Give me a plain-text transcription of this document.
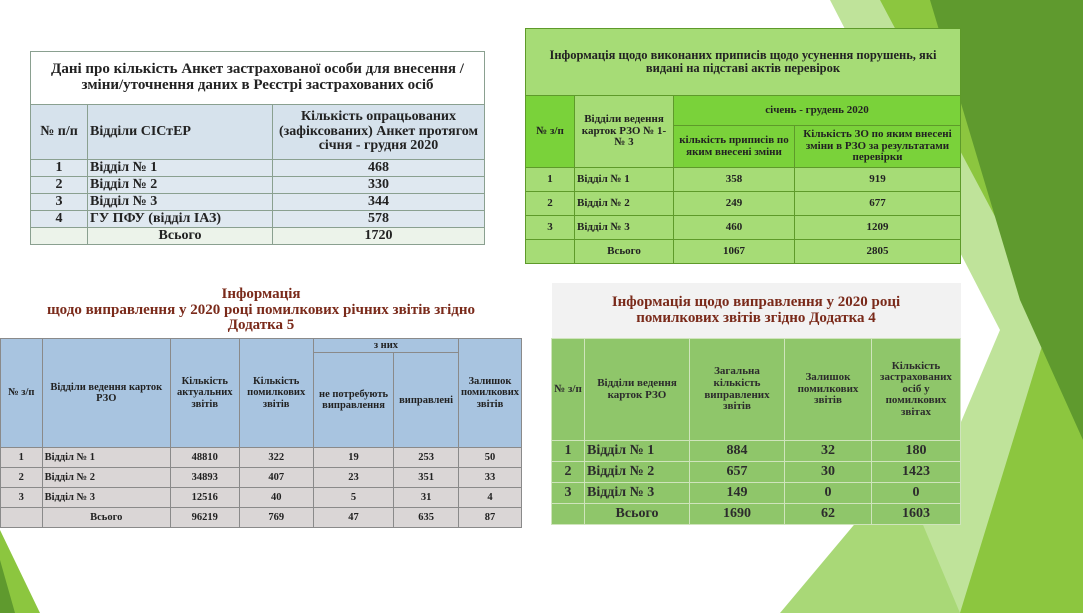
Дані про кількість Анкет застрахованої особи для внесення /зміни/уточнення даних в Реєстрі застрахованих осіб		
№ п/п	Відділи СІСтЕР	Кількість опрацьованих (зафіксованих) Анкет протягом січня - грудня 2020
1	Відділ № 1	468
2	Відділ № 2	330
3	Відділ № 3	344
4	ГУ ПФУ (відділ ІАЗ)	578
	Всього	1720
Інформація щодо виконаних приписів щодо усунення порушень, які видані на підставі актів перевірок			
№ з/п	Відділи ведення карток РЗО № 1- № 3	січень - грудень 2020	
		кількість приписів по яким внесені зміни	Кількість ЗО по яким внесені зміни в РЗО за результатами перевірки
1	Відділ № 1	358	919
2	Відділ № 2	249	677
3	Відділ № 3	460	1209
	Всього	1067	2805
Інформація
щодо виправлення у 2020 році помилкових річних звітів згідно
Додатка 5						
№ з/п	Відділи ведення карток РЗО	Кількість актуальних звітів	Кількість помилкових звітів	з них		Залишок помилкових звітів
				не потребують виправлення	виправлені	
1	Відділ № 1	48810	322	19	253	50
2	Відділ № 2	34893	407	23	351	33
3	Відділ № 3	12516	40	5	31	4
	Всього	96219	769	47	635	87
Інформація щодо виправлення у 2020 році
помилкових звітів згідно Додатка 4				
№ з/п	Відділи ведення карток РЗО	Загальна кількість виправлених звітів	Залишок помилкових звітів	Кількість застрахованих осіб у помилкових звітах
1	Відділ № 1	884	32	180
2	Відділ № 2	657	30	1423
3	Відділ № 3	149	0	0
	Всього	1690	62	1603
